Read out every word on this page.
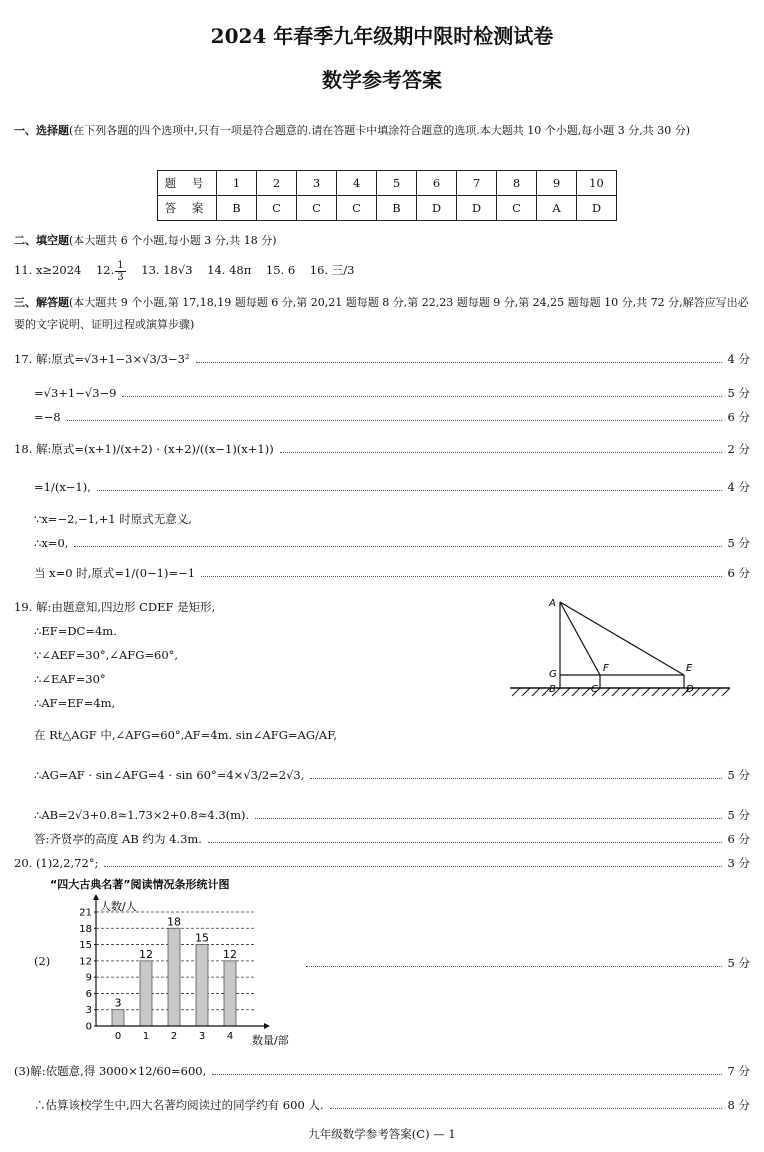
2024 年春季九年级期中限时检测试卷
数学参考答案
一、选择题(在下列各题的四个选项中,只有一项是符合题意的.请在答题卡中填涂符合题意的选项.本大题共 10 个小题,每小题 3 分,共 30 分)
题 号	1	2	3	4	5	6	7	8	9	10
答 案	B	C	C	C	B	D	D	C	A	D
二、填空题(本大题共 6 个小题,每小题 3 分,共 18 分)
11. x≥2024 12. $\frac{1}{3} 13$. 18√3 14. 48π 15. 6 16. 三/3
三、解答题(本大题共 9 个小题,第 17,18,19 题每题 6 分,第 20,21 题每题 8 分,第 22,23 题每题 9 分,第 24,25 题每题 10 分,共 72 分,解答应写出必要的文字说明、证明过程或演算步骤)
17. 解:原式=√3+1−3×√3/3−3²	4 分
=√3+1−√3−9	5 分
=−8	6 分
18. 解:原式=(x+1)/(x+2) · (x+2)/((x−1)(x+1))	2 分
=1/(x−1),	4 分
∵x=−2,−1,+1 时原式无意义,
∴x=0,	5 分
当 x=0 时,原式=1/(0−1)=−1	6 分
19. 解:由题意知,四边形 CDEF 是矩形,
∴EF=DC=4m.
∵∠AEF=30°,∠AFG=60°,
∴∠EAF=30°
∴AF=EF=4m,
在 Rt△AGF 中,∠AFG=60°,AF=4m. sin∠AFG=AG/AF,
∴AG=AF · sin∠AFG=4 · sin 60°=4×√3/2=2√3,	5 分
∴AB=2√3+0.8≈1.73×2+0.8≈4.3(m).	5 分
答:齐贤亭的高度 AB 约为 4.3m.	6 分
A
G
F	E
B	C	D
20. (1)2,2,72°;	3 分
(2)	5 分
“四大古典名著”阅读情况条形统计图
人数/人
数量/部
3
12
18
15
12
0
3
6
9
12
15
18
21
0 1 2 3 4
(3)解:依题意,得 3000×12/60=600,	7 分
∴估算该校学生中,四大名著均阅读过的同学约有 600 人.	8 分
九年级数学参考答案(C) — 1
